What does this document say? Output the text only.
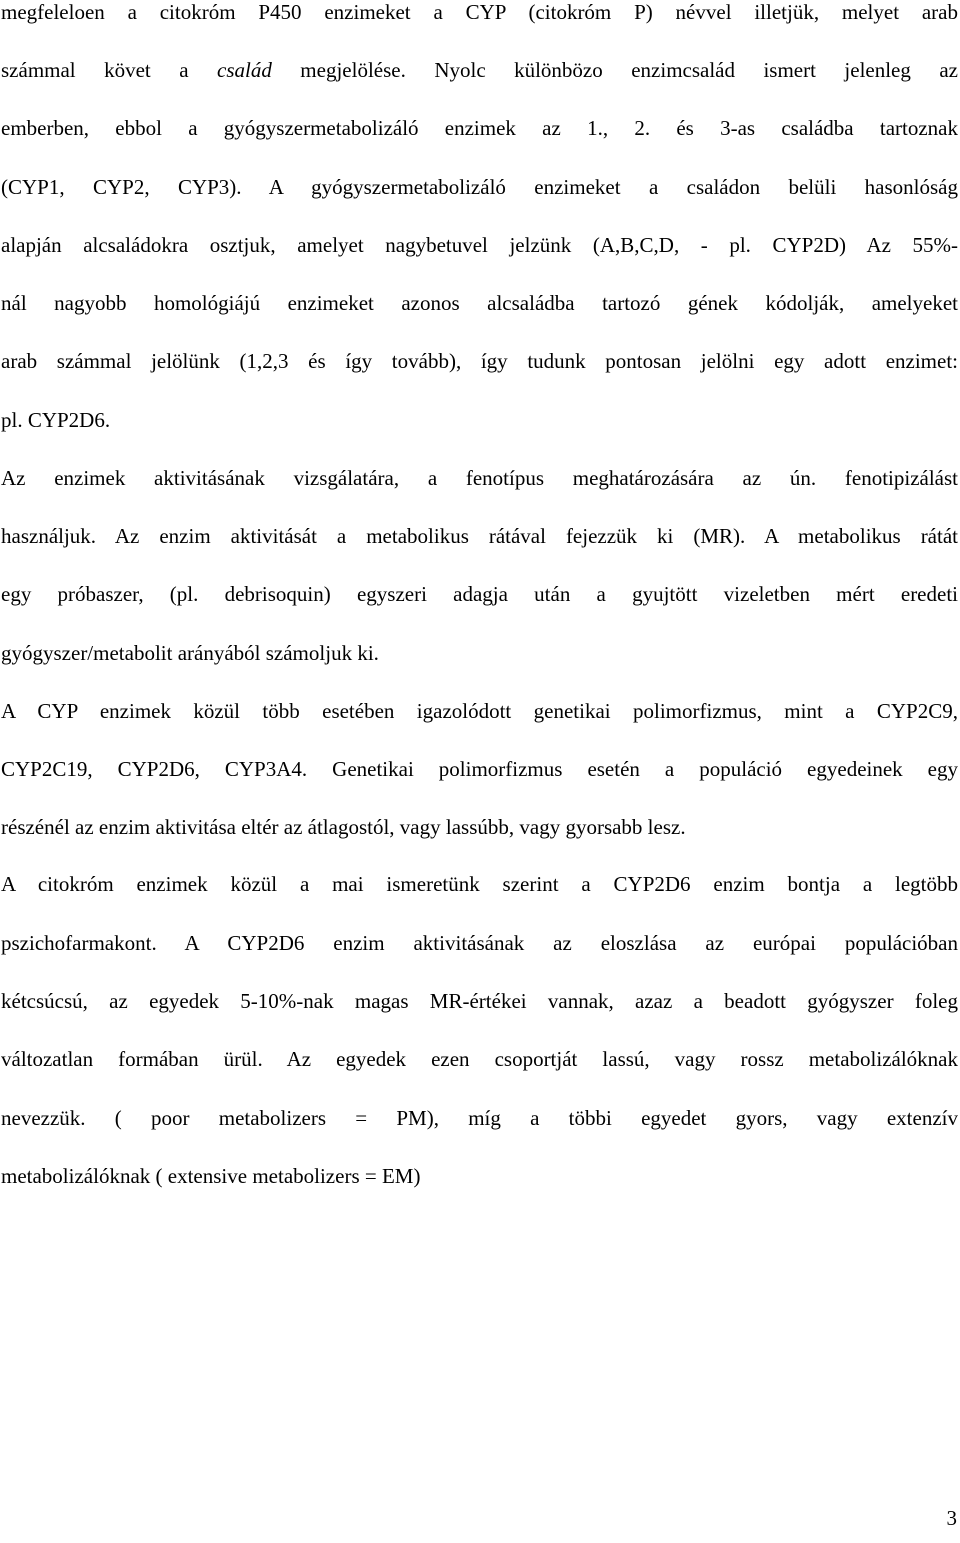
megfeleloen a citokróm P450 enzimeket a CYP (citokróm P) névvel illetjük, melyet arab
számmal követ a család megjelölése. Nyolc különbözo enzimcsalád ismert jelenleg az
emberben, ebbol a gyógyszermetabolizáló enzimek az 1., 2. és 3-as családba tartoznak
(CYP1, CYP2, CYP3). A gyógyszermetabolizáló enzimeket a családon belüli hasonlóság
alapján alcsaládokra osztjuk, amelyet nagybetuvel jelzünk (A,B,C,D, - pl. CYP2D) Az 55%-
nál nagyobb homológiájú enzimeket azonos alcsaládba tartozó gének kódolják, amelyeket
arab számmal jelölünk (1,2,3 és így tovább), így tudunk pontosan jelölni egy adott enzimet:
pl. CYP2D6.
Az enzimek aktivitásának vizsgálatára, a fenotípus meghatározására az ún. fenotipizálást
használjuk. Az enzim aktivitását a metabolikus rátával fejezzük ki (MR). A metabolikus rátát
egy próbaszer, (pl. debrisoquin) egyszeri adagja után a gyujtött vizeletben mért eredeti
gyógyszer/metabolit arányából számoljuk ki.
A CYP enzimek közül több esetében igazolódott genetikai polimorfizmus, mint a CYP2C9,
CYP2C19, CYP2D6, CYP3A4. Genetikai polimorfizmus esetén a populáció egyedeinek egy
részénél az enzim aktivitása eltér az átlagostól, vagy lassúbb, vagy gyorsabb lesz.
A citokróm enzimek közül a mai ismeretünk szerint a CYP2D6 enzim bontja a legtöbb
pszichofarmakont. A CYP2D6 enzim aktivitásának az eloszlása az európai populációban
kétcsúcsú, az egyedek 5-10%-nak magas MR-értékei vannak, azaz a beadott gyógyszer foleg
változatlan formában ürül. Az egyedek ezen csoportját lassú, vagy rossz metabolizálóknak
nevezzük. ( poor metabolizers = PM), míg a többi egyedet gyors, vagy extenzív
metabolizálóknak ( extensive metabolizers = EM)
3
